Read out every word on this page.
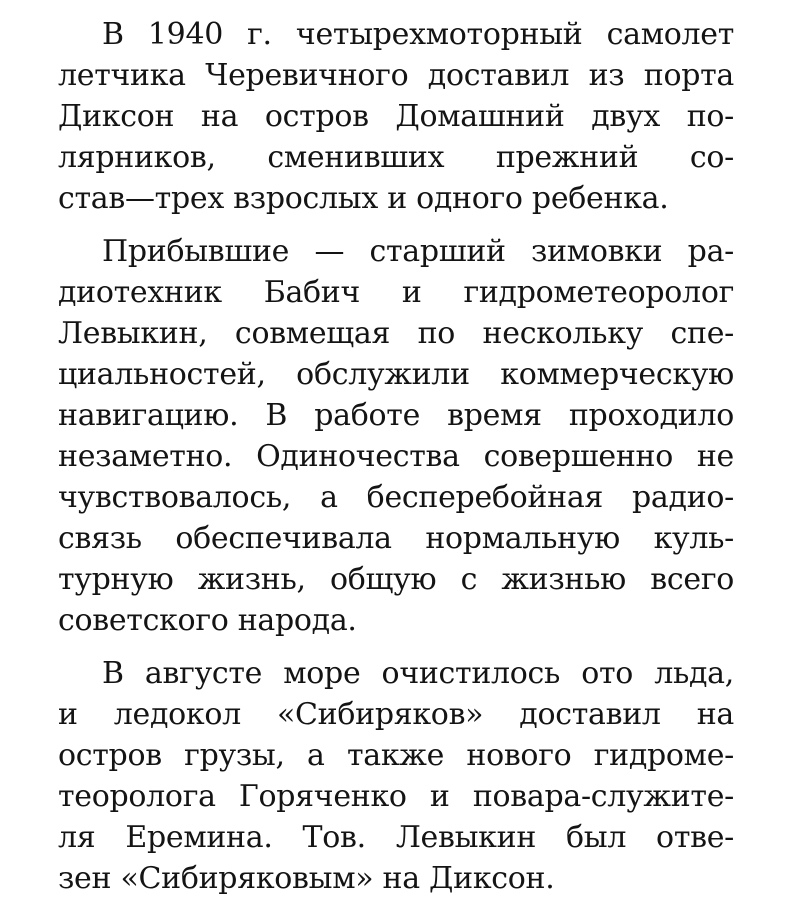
В 1940 г. четырехмоторный самолет
летчика Черевичного доставил из порта
Диксон на остров Домашний двух по-
лярников, сменивших прежний со-
став—трех взрослых и одного ребенка.

Прибывшие — старший зимовки ра-
диотехник Бабич и гидрометеоролог
Левыкин, совмещая по нескольку спе-
циальностей, обслужили коммерческую
навигацию. В работе время проходило
незаметно. Одиночества совершенно не
чувствовалось, а бесперебойная радио-
связь обеспечивала нормальную куль-
турную жизнь, общую с жизнью всего
советского народа.

В августе море очистилось ото льда,
и ледокол «Сибиряков» доставил на
остров грузы, а также нового гидроме-
теоролога Горяченко и повара-служите-
ля Еремина. Тов. Левыкин был отве-
зен «Сибиряковым» на Диксон.
